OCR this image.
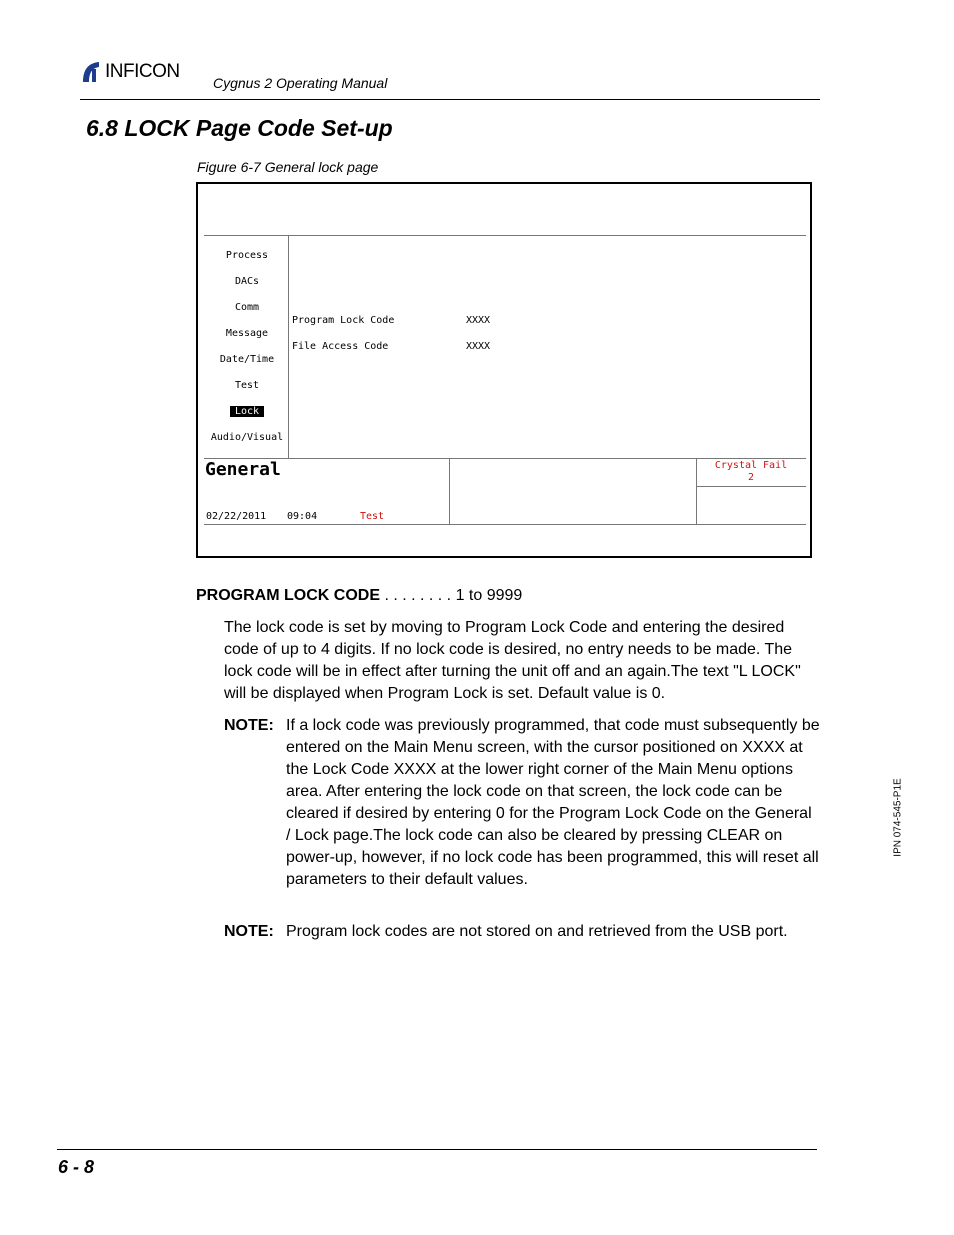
INFICON
Cygnus 2 Operating Manual
6.8 LOCK Page Code Set-up
Figure 6-7 General lock page
Process
DACs
Comm
Message
Date/Time
Test
Lock
Audio/Visual
Program Lock Code	XXXX
File Access Code	XXXX
General
02/22/2011 09:04	Test
Crystal Fail
2
PROGRAM LOCK CODE . . . . . . . . 1 to 9999
The lock code is set by moving to Program Lock Code and entering the desired code of up to 4 digits. If no lock code is desired, no entry needs to be made. The lock code will be in effect after turning the unit off and an again.The text "L LOCK" will be displayed when Program Lock is set. Default value is 0.
NOTE: If a lock code was previously programmed, that code must subsequently be entered on the Main Menu screen, with the cursor positioned on XXXX at the Lock Code XXXX at the lower right corner of the Main Menu options area. After entering the lock code on that screen, the lock code can be cleared if desired by entering 0 for the Program Lock Code on the General / Lock page.The lock code can also be cleared by pressing CLEAR on power-up, however, if no lock code has been programmed, this will reset all parameters to their default values.
NOTE: Program lock codes are not stored on and retrieved from the USB port.
IPN 074-545-P1E
6 - 8
